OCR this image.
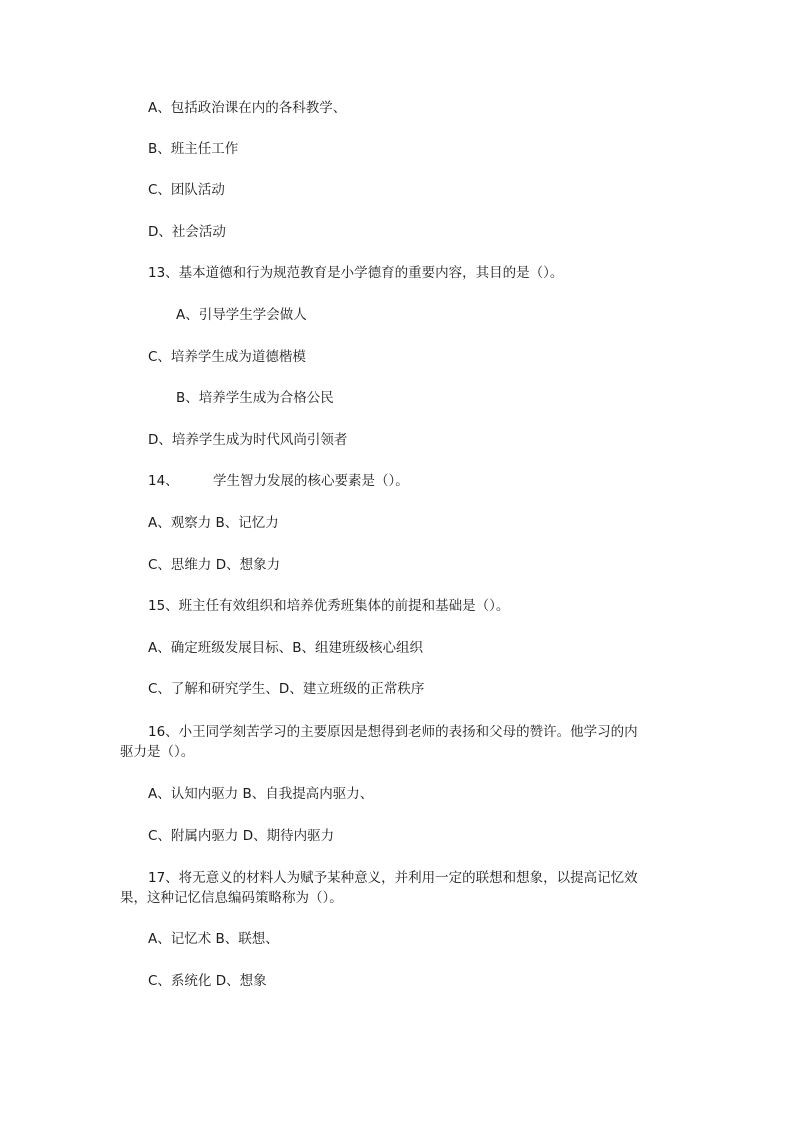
A、包括政治课在内的各科教学、
B、班主任工作
C、团队活动
D、社会活动
13、基本道德和行为规范教育是小学德育的重要内容，其目的是（）。
A、引导学生学会做人
C、培养学生成为道德楷模
B、培养学生成为合格公民
D、培养学生成为时代风尚引领者
14、        学生智力发展的核心要素是（）。
A、观察力 B、记忆力
C、思维力 D、想象力
15、班主任有效组织和培养优秀班集体的前提和基础是（）。
A、确定班级发展目标、B、组建班级核心组织
C、了解和研究学生、D、建立班级的正常秩序
16、小王同学刻苦学习的主要原因是想得到老师的表扬和父母的赞许。他学习的内驱力是（）。
A、认知内驱力 B、自我提高内驱力、
C、附属内驱力 D、期待内驱力
17、将无意义的材料人为赋予某种意义，并利用一定的联想和想象，以提高记忆效果，这种记忆信息编码策略称为（）。
A、记忆术 B、联想、
C、系统化 D、想象
